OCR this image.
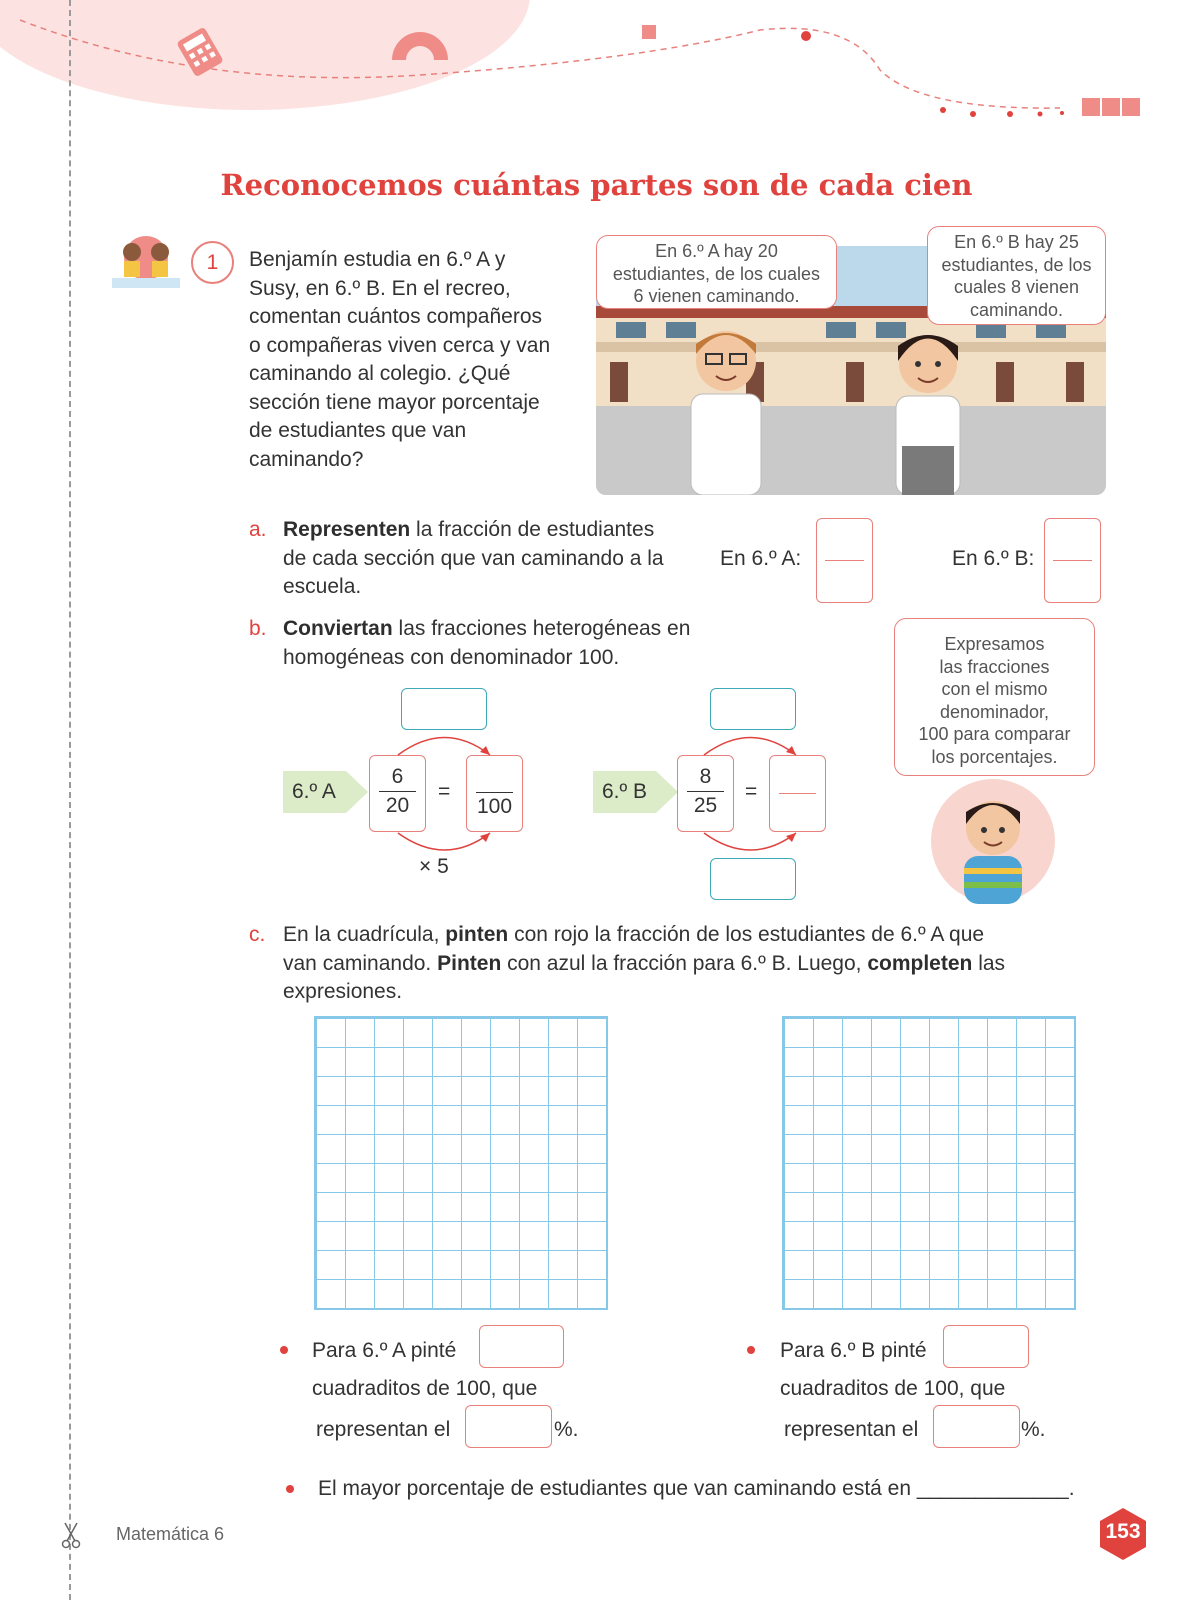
Reconocemos cuántas partes son de cada cien
1	Benjamín estudia en 6.º A y
Susy, en 6.º B. En el recreo,
comentan cuántos compañeros
o compañeras viven cerca y van
caminando al colegio. ¿Qué
sección tiene mayor porcentaje
de estudiantes que van
caminando?
En 6.º A hay 20
estudiantes, de los cuales
6 vienen caminando.
En 6.º B hay 25
estudiantes, de los
cuales 8 vienen
caminando.
a. Representen la fracción de estudiantes
de cada sección que van caminando a la
escuela.
En 6.º A:	En 6.º B:
b. Conviertan las fracciones heterogéneas en
homogéneas con denominador 100.
6.º A
6
20
=
100
× 5
6.º B
8
25
=
Expresamos
las fracciones
con el mismo
denominador,
100 para comparar
los porcentajes.
c. En la cuadrícula, pinten con rojo la fracción de los estudiantes de 6.º A que
van caminando. Pinten con azul la fracción para 6.º B. Luego, completen las
expresiones.
Para 6.º A pinté
cuadraditos de 100, que
representan el	%.
Para 6.º B pinté
cuadraditos de 100, que
representan el	%.
El mayor porcentaje de estudiantes que van caminando está en _____________.
Matemática 6	153
